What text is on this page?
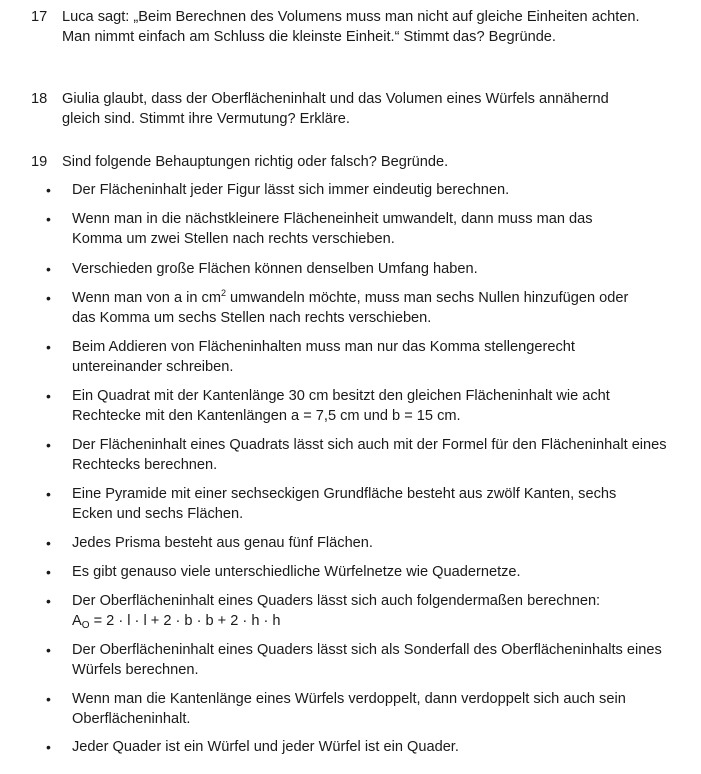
17	Luca sagt: „Beim Berechnen des Volumens muss man nicht auf gleiche Einheiten achten. Man nimmt einfach am Schluss die kleinste Einheit.“ Stimmt das? Begründe.
18	Giulia glaubt, dass der Oberflächeninhalt und das Volumen eines Würfels annähernd gleich sind. Stimmt ihre Vermutung? Erkläre.
19	Sind folgende Behauptungen richtig oder falsch? Begründe.
• Der Flächeninhalt jeder Figur lässt sich immer eindeutig berechnen.
• Wenn man in die nächstkleinere Flächeneinheit umwandelt, dann muss man das Komma um zwei Stellen nach rechts verschieben.
• Verschieden große Flächen können denselben Umfang haben.
• Wenn man von a in $cm^2$ umwandeln möchte, muss man sechs Nullen hinzufügen oder das Komma um sechs Stellen nach rechts verschieben.
• Beim Addieren von Flächeninhalten muss man nur das Komma stellengerecht untereinander schreiben.
• Ein Quadrat mit der Kantenlänge 30 cm besitzt den gleichen Flächeninhalt wie acht Rechtecke mit den Kantenlängen a = 7,5 cm und b = 15 cm.
• Der Flächeninhalt eines Quadrats lässt sich auch mit der Formel für den Flächeninhalt eines Rechtecks berechnen.
• Eine Pyramide mit einer sechseckigen Grundfläche besteht aus zwölf Kanten, sechs Ecken und sechs Flächen.
• Jedes Prisma besteht aus genau fünf Flächen.
• Es gibt genauso viele unterschiedliche Würfelnetze wie Quadernetze.
• Der Oberflächeninhalt eines Quaders lässt sich auch folgendermaßen berechnen:
$A_O = 2 \cdot l \cdot l + 2 \cdot b \cdot b + 2 \cdot h \cdot h$
• Der Oberflächeninhalt eines Quaders lässt sich als Sonderfall des Oberflächeninhalts eines Würfels berechnen.
• Wenn man die Kantenlänge eines Würfels verdoppelt, dann verdoppelt sich auch sein Oberflächeninhalt.
• Jeder Quader ist ein Würfel und jeder Würfel ist ein Quader.
